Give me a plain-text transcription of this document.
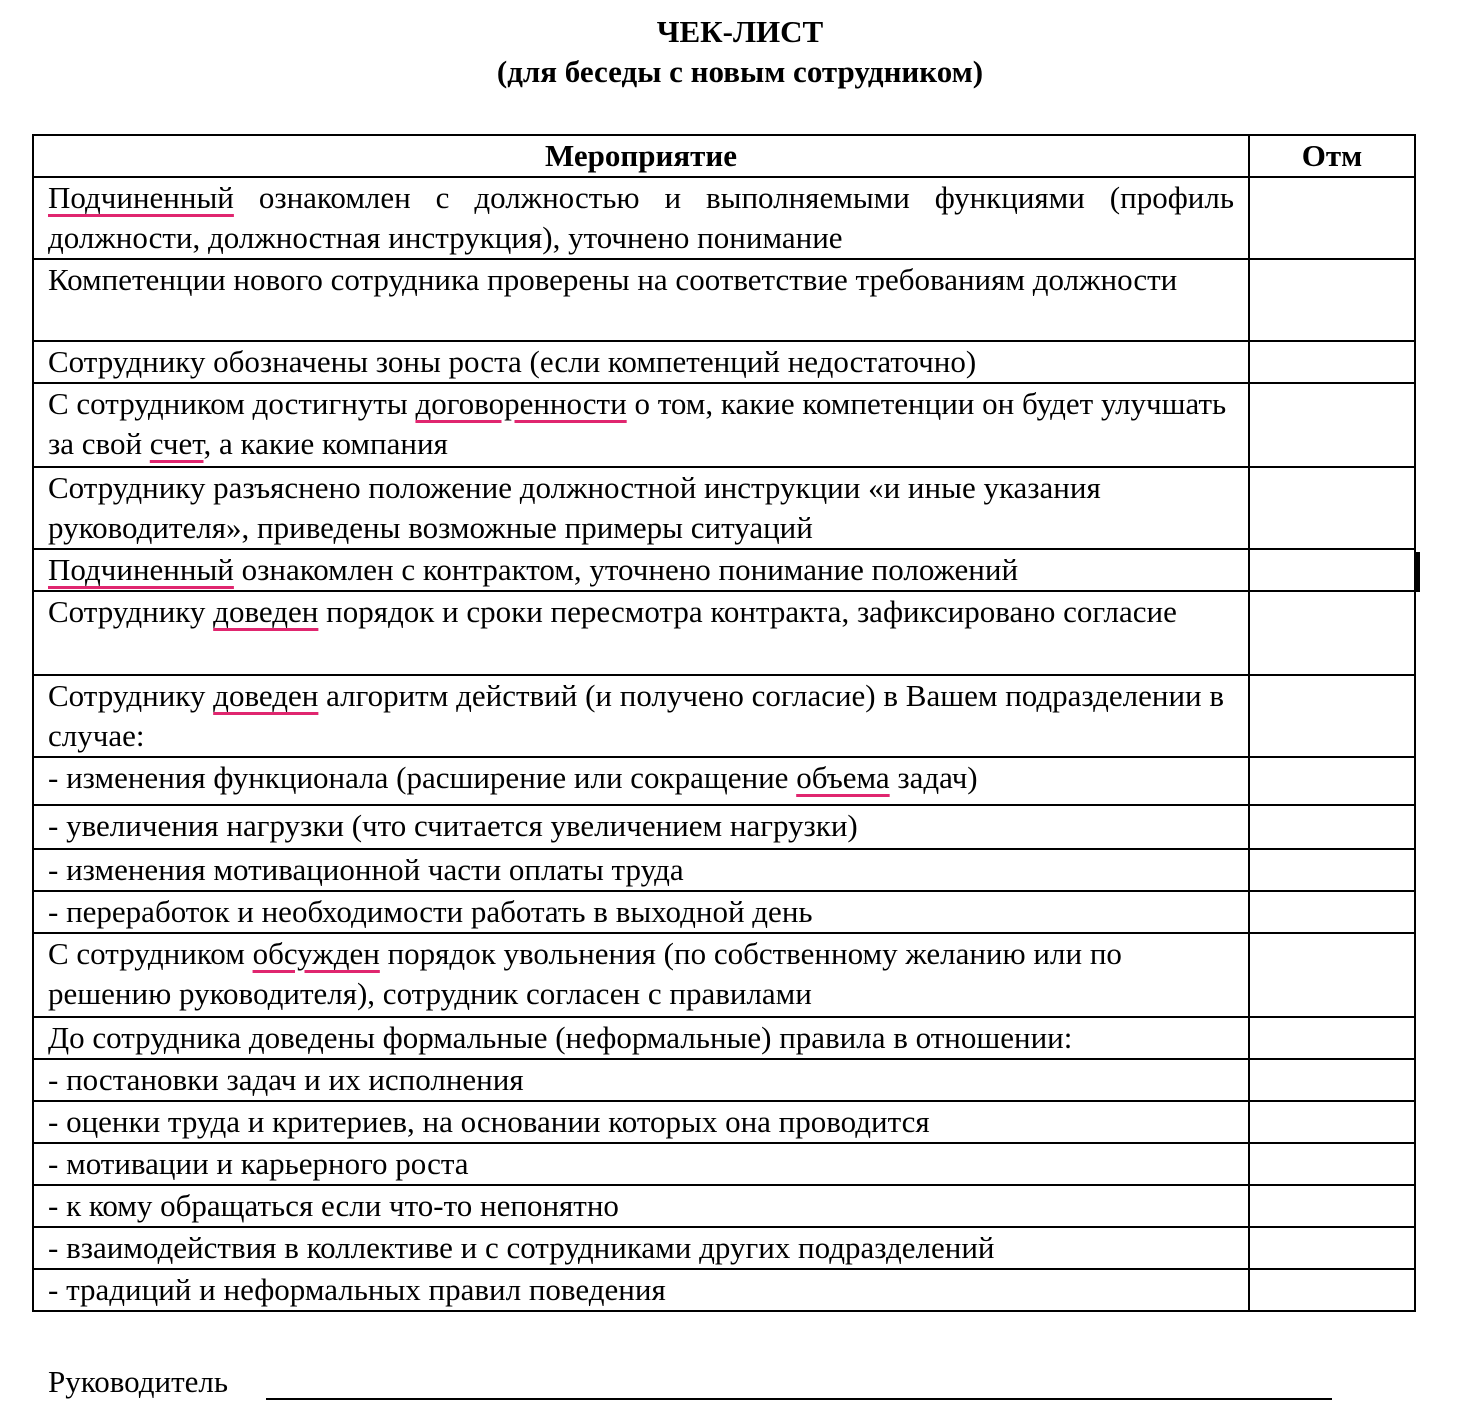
ЧЕК-ЛИСТ
(для беседы с новым сотрудником)
Мероприятие	Отм

Подчиненный ознакомлен с должностью и выполняемыми функциями (профиль должности, должностная инструкция), уточнено понимание	

Компетенции нового сотрудника проверены на соответствие требованиям должности	

Сотруднику обозначены зоны роста (если компетенций недостаточно)	

С сотрудником достигнуты договоренности о том, какие компетенции он будет улучшать за свой счет, а какие компания	

Сотруднику разъяснено положение должностной инструкции «и иные указания руководителя», приведены возможные примеры ситуаций	

Подчиненный ознакомлен с контрактом, уточнено понимание положений	

Сотруднику доведен порядок и сроки пересмотра контракта, зафиксировано согласие	

Сотруднику доведен алгоритм действий (и получено согласие) в Вашем подразделении в случае:	

- изменения функционала (расширение или сокращение объема задач)	

- увеличения нагрузки (что считается увеличением нагрузки)	

- изменения мотивационной части оплаты труда	

- переработок и необходимости работать в выходной день	

С сотрудником обсужден порядок увольнения (по собственному желанию или по решению руководителя), сотрудник согласен с правилами	

До сотрудника доведены формальные (неформальные) правила в отношении:	

- постановки задач и их исполнения	

- оценки труда и критериев, на основании которых она проводится	

- мотивации и карьерного роста	

- к кому обращаться если что-то непонятно	

- взаимодействия в коллективе и с сотрудниками других подразделений	

- традиций и неформальных правил поведения	

Руководитель
